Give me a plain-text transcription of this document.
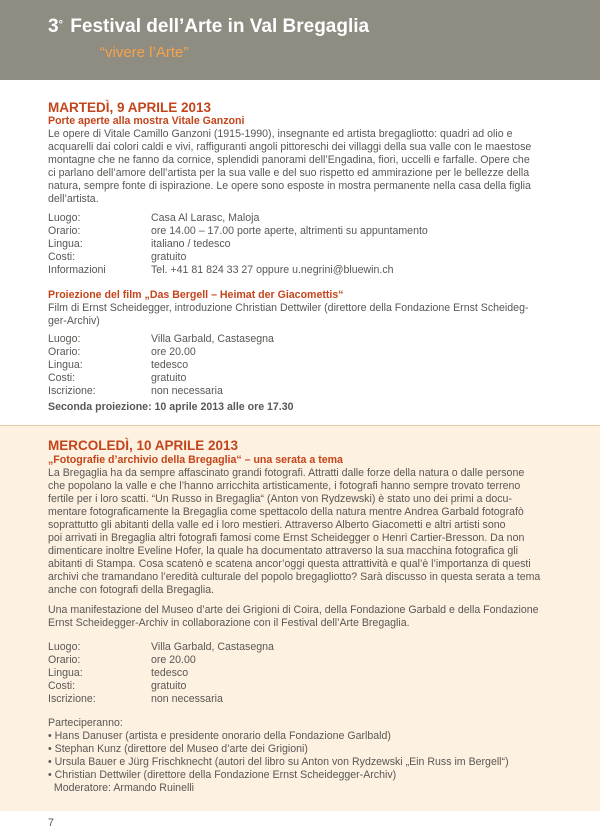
3° Festival dell’Arte in Val Bregaglia
“vivere l’Arte”
MARTEDÌ, 9 APRILE 2013
Porte aperte alla mostra Vitale Ganzoni
Le opere di Vitale Camillo Ganzoni (1915-1990), insegnante ed artista bregagliotto: quadri ad olio e
acquarelli dai colori caldi e vivi, raffiguranti angoli pittoreschi dei villaggi della sua valle con le maestose
montagne che ne fanno da cornice, splendidi panorami dell’Engadina, fiori, uccelli e farfalle. Opere che
ci parlano dell’amore dell’artista per la sua valle e del suo rispetto ed ammirazione per le bellezze della
natura, sempre fonte di ispirazione. Le opere sono esposte in mostra permanente nella casa della figlia
dell’artista.
Luogo:	Casa Al Larasc, Maloja
Orario:	ore 14.00 – 17.00 porte aperte, altrimenti su appuntamento
Lingua:	italiano / tedesco
Costi:	gratuito
Informazioni	Tel. +41 81 824 33 27 oppure u.negrini@bluewin.ch
Proiezione del film „Das Bergell – Heimat der Giacomettis“
Film di Ernst Scheidegger, introduzione Christian Dettwiler (direttore della Fondazione Ernst Scheideg-
ger-Archiv)
Luogo:	Villa Garbald, Castasegna
Orario:	ore 20.00
Lingua:	tedesco
Costi:	gratuito
Iscrizione:	non necessaria
Seconda proiezione: 10 aprile 2013 alle ore 17.30
MERCOLEDÌ, 10 APRILE 2013
„Fotografie d’archivio della Bregaglia“ – una serata a tema
La Bregaglia ha da sempre affascinato grandi fotografi. Attratti dalle forze della natura o dalle persone
che popolano la valle e che l’hanno arricchita artisticamente, i fotografi hanno sempre trovato terreno
fertile per i loro scatti. “Un Russo in Bregaglia“ (Anton von Rydzewski) è stato uno dei primi a docu-
mentare fotograficamente la Bregaglia come spettacolo della natura mentre Andrea Garbald fotografò
soprattutto gli abitanti della valle ed i loro mestieri. Attraverso Alberto Giacometti e altri artisti sono
poi arrivati in Bregaglia altri fotografi famosi come Ernst Scheidegger o Henri Cartier-Bresson. Da non
dimenticare inoltre Eveline Hofer, la quale ha documentato attraverso la sua macchina fotografica gli
abitanti di Stampa. Cosa scatenò e scatena ancor’oggi questa attrattività e qual’è l’importanza di questi
archivi che tramandano l’eredità culturale del popolo bregagliotto? Sarà discusso in questa serata a tema
anche con fotografi della Bregaglia.
Una manifestazione del Museo d’arte dei Grigioni di Coira, della Fondazione Garbald e della Fondazione
Ernst Scheidegger-Archiv in collaborazione con il Festival dell’Arte Bregaglia.
Luogo:	Villa Garbald, Castasegna
Orario:	ore 20.00
Lingua:	tedesco
Costi:	gratuito
Iscrizione:	non necessaria
Parteciperanno:
• Hans Danuser (artista e presidente onorario della Fondazione Garlbald)
• Stephan Kunz (direttore del Museo d’arte dei Grigioni)
• Ursula Bauer e Jürg Frischknecht (autori del libro su Anton von Rydzewski „Ein Russ im Bergell“)
• Christian Dettwiler (direttore della Fondazione Ernst Scheidegger-Archiv)
Moderatore: Armando Ruinelli
7
